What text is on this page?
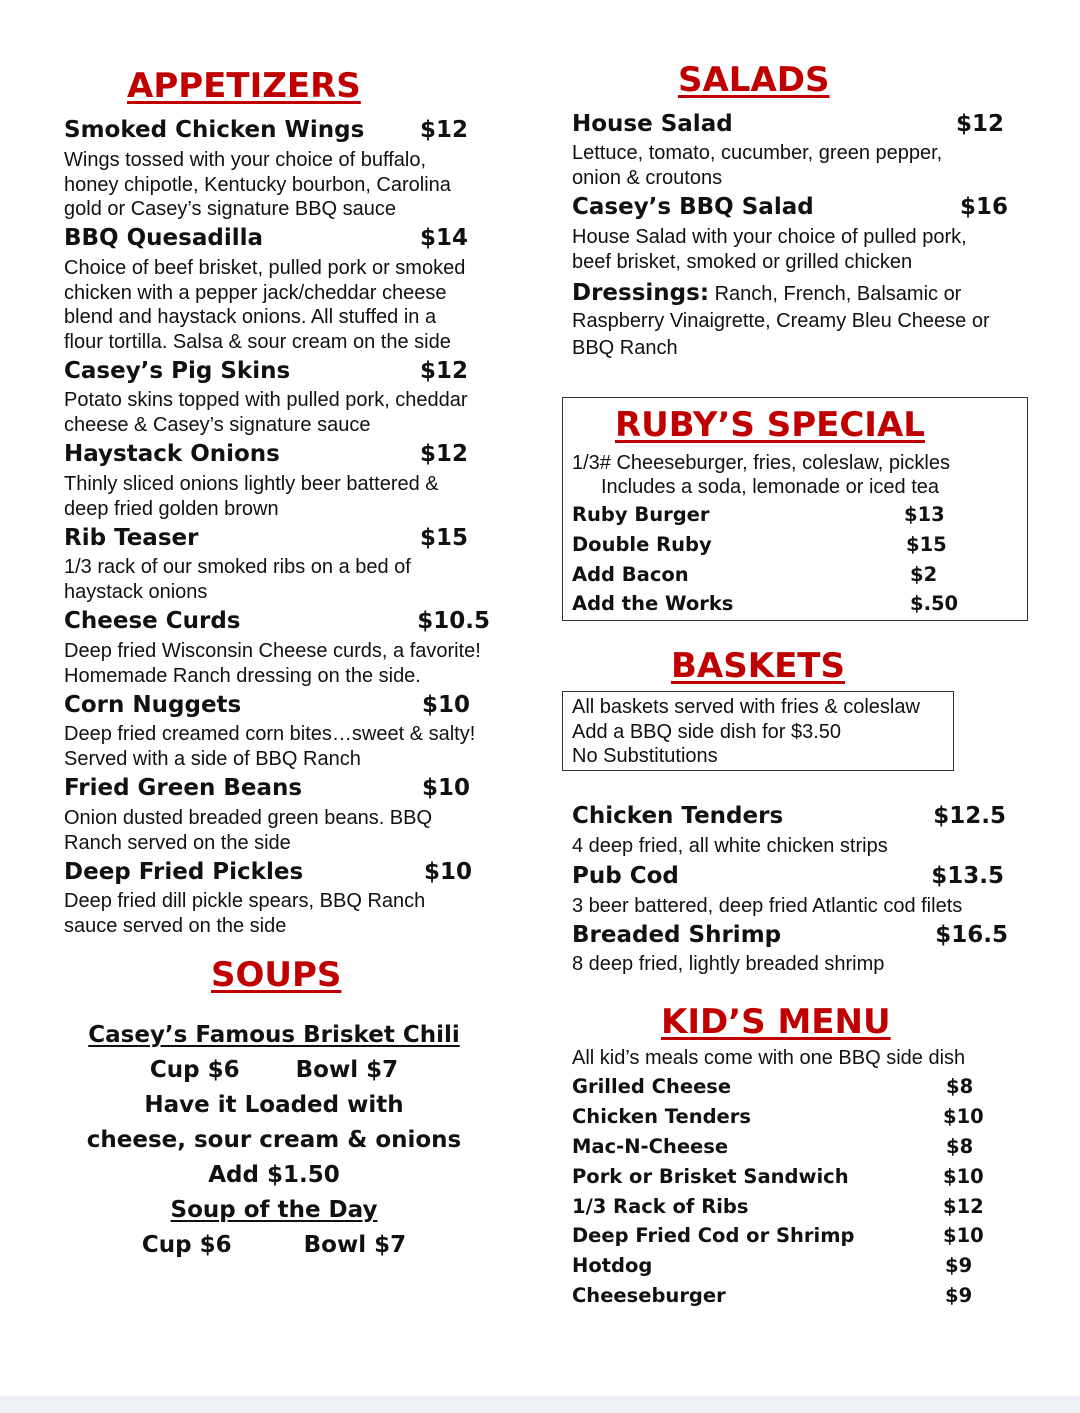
APPETIZERS
Smoked Chicken Wings	$12
Wings tossed with your choice of buffalo,
honey chipotle, Kentucky bourbon, Carolina
gold or Casey’s signature BBQ sauce
BBQ Quesadilla	$14
Choice of beef brisket, pulled pork or smoked
chicken with a pepper jack/cheddar cheese
blend and haystack onions. All stuffed in a
flour tortilla. Salsa & sour cream on the side
Casey’s Pig Skins	$12
Potato skins topped with pulled pork, cheddar
cheese & Casey’s signature sauce
Haystack Onions	$12
Thinly sliced onions lightly beer battered &
deep fried golden brown
Rib Teaser	$15
1/3 rack of our smoked ribs on a bed of
haystack onions
Cheese Curds	$10.5
Deep fried Wisconsin Cheese curds, a favorite!
Homemade Ranch dressing on the side.
Corn Nuggets	$10
Deep fried creamed corn bites…sweet & salty!
Served with a side of BBQ Ranch
Fried Green Beans	$10
Onion dusted breaded green beans. BBQ
Ranch served on the side
Deep Fried Pickles	$10
Deep fried dill pickle spears, BBQ Ranch
sauce served on the side
SOUPS
Casey’s Famous Brisket Chili
Cup $6 Bowl $7
Have it Loaded with
cheese, sour cream & onions
Add $1.50
Soup of the Day
Cup $6	Bowl $7
SALADS
House Salad	$12
Lettuce, tomato, cucumber, green pepper,
onion & croutons
Casey’s BBQ Salad	$16
House Salad with your choice of pulled pork,
beef brisket, smoked or grilled chicken
Dressings: Ranch, French, Balsamic or
Raspberry Vinaigrette, Creamy Bleu Cheese or
BBQ Ranch
RUBY’S SPECIAL
1/3# Cheeseburger, fries, coleslaw, pickles
Includes a soda, lemonade or iced tea
Ruby Burger	$13
Double Ruby	$15
Add Bacon	$2
Add the Works	$.50
BASKETS
All baskets served with fries & coleslaw
Add a BBQ side dish for $3.50
No Substitutions
Chicken Tenders	$12.5
4 deep fried, all white chicken strips
Pub Cod	$13.5
3 beer battered, deep fried Atlantic cod filets
Breaded Shrimp	$16.5
8 deep fried, lightly breaded shrimp
KID’S MENU
All kid’s meals come with one BBQ side dish
Grilled Cheese	$8
Chicken Tenders	$10
Mac-N-Cheese	$8
Pork or Brisket Sandwich	$10
1/3 Rack of Ribs	$12
Deep Fried Cod or Shrimp	$10
Hotdog	$9
Cheeseburger	$9
